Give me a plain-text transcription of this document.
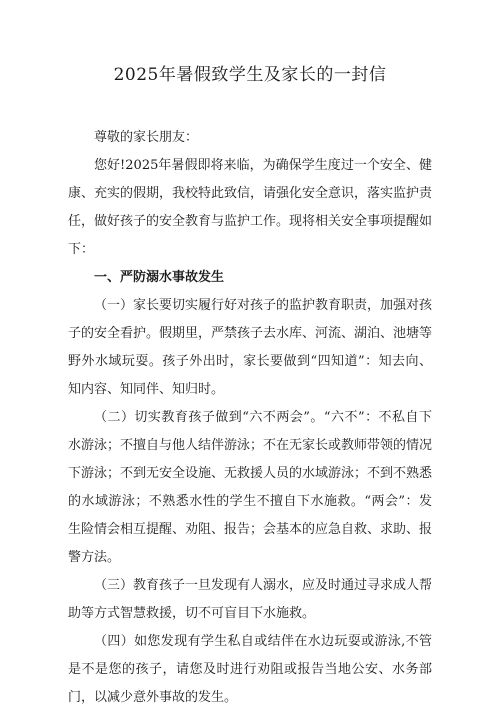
2025年暑假致学生及家长的一封信

尊敬的家长朋友：

您好!2025年暑假即将来临，为确保学生度过一个安全、健康、充实的假期，我校特此致信，请强化安全意识，落实监护责任，做好孩子的安全教育与监护工作。现将相关安全事项提醒如下：

一、严防溺水事故发生

（一）家长要切实履行好对孩子的监护教育职责，加强对孩子的安全看护。假期里，严禁孩子去水库、河流、湖泊、池塘等野外水域玩耍。孩子外出时，家长要做到“四知道”：知去向、知内容、知同伴、知归时。

（二）切实教育孩子做到“六不两会”。“六不”：不私自下水游泳；不擅自与他人结伴游泳；不在无家长或教师带领的情况下游泳；不到无安全设施、无救援人员的水域游泳；不到不熟悉的水域游泳；不熟悉水性的学生不擅自下水施救。“两会”：发生险情会相互提醒、劝阻、报告；会基本的应急自救、求助、报警方法。

（三）教育孩子一旦发现有人溺水，应及时通过寻求成人帮助等方式智慧救援，切不可盲目下水施救。

（四）如您发现有学生私自或结伴在水边玩耍或游泳,不管是不是您的孩子，请您及时进行劝阻或报告当地公安、水务部门，以减少意外事故的发生。
